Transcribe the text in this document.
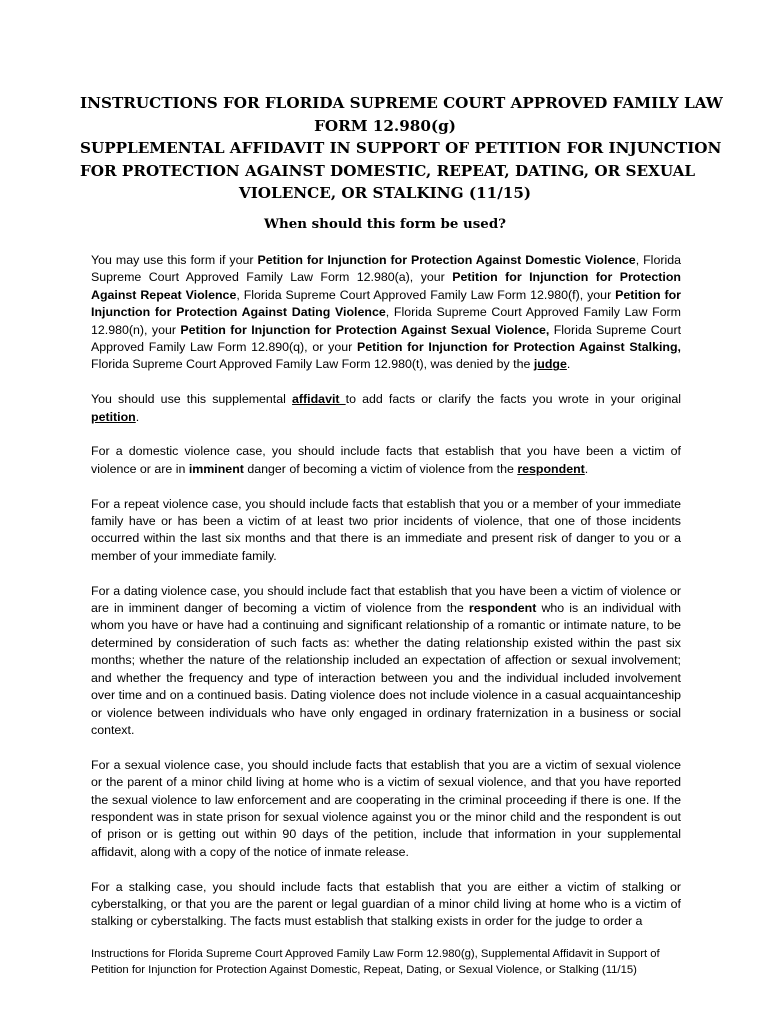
INSTRUCTIONS FOR FLORIDA SUPREME COURT APPROVED FAMILY LAW
FORM 12.980(g)
SUPPLEMENTAL AFFIDAVIT IN SUPPORT OF PETITION FOR INJUNCTION
FOR PROTECTION AGAINST DOMESTIC, REPEAT, DATING, OR SEXUAL
VIOLENCE, OR STALKING (11/15)
When should this form be used?

You may use this form if your Petition for Injunction for Protection Against Domestic Violence, Florida Supreme Court Approved Family Law Form 12.980(a), your Petition for Injunction for Protection Against Repeat Violence, Florida Supreme Court Approved Family Law Form 12.980(f), your Petition for Injunction for Protection Against Dating Violence, Florida Supreme Court Approved Family Law Form 12.980(n), your Petition for Injunction for Protection Against Sexual Violence, Florida Supreme Court Approved Family Law Form 12.890(q), or your Petition for Injunction for Protection Against Stalking, Florida Supreme Court Approved Family Law Form 12.980(t), was denied by the judge.

You should use this supplemental affidavit to add facts or clarify the facts you wrote in your original petition.

For a domestic violence case, you should include facts that establish that you have been a victim of violence or are in imminent danger of becoming a victim of violence from the respondent.

For a repeat violence case, you should include facts that establish that you or a member of your immediate family have or has been a victim of at least two prior incidents of violence, that one of those incidents occurred within the last six months and that there is an immediate and present risk of danger to you or a member of your immediate family.

For a dating violence case, you should include fact that establish that you have been a victim of violence or are in imminent danger of becoming a victim of violence from the respondent who is an individual with whom you have or have had a continuing and significant relationship of a romantic or intimate nature, to be determined by consideration of such facts as: whether the dating relationship existed within the past six months; whether the nature of the relationship included an expectation of affection or sexual involvement; and whether the frequency and type of interaction between you and the individual included involvement over time and on a continued basis. Dating violence does not include violence in a casual acquaintanceship or violence between individuals who have only engaged in ordinary fraternization in a business or social context.

For a sexual violence case, you should include facts that establish that you are a victim of sexual violence or the parent of a minor child living at home who is a victim of sexual violence, and that you have reported the sexual violence to law enforcement and are cooperating in the criminal proceeding if there is one. If the respondent was in state prison for sexual violence against you or the minor child and the respondent is out of prison or is getting out within 90 days of the petition, include that information in your supplemental affidavit, along with a copy of the notice of inmate release.

For a stalking case, you should include facts that establish that you are either a victim of stalking or cyberstalking, or that you are the parent or legal guardian of a minor child living at home who is a victim of stalking or cyberstalking. The facts must establish that stalking exists in order for the judge to order a

Instructions for Florida Supreme Court Approved Family Law Form 12.980(g), Supplemental Affidavit in Support of
Petition for Injunction for Protection Against Domestic, Repeat, Dating, or Sexual Violence, or Stalking (11/15)
